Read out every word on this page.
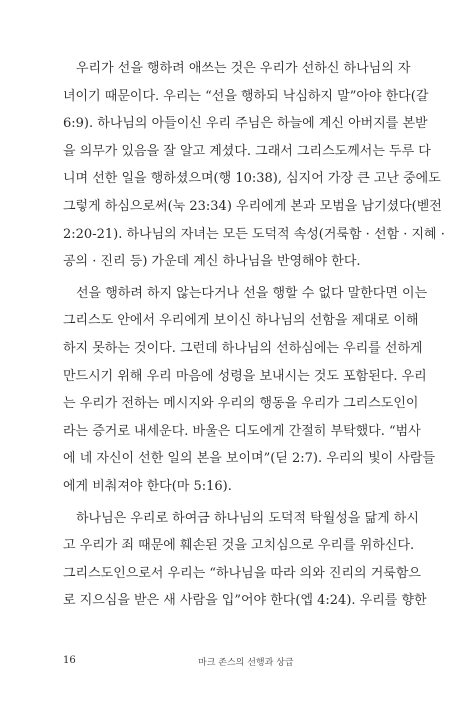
우리가 선을 행하려 애쓰는 것은 우리가 선하신 하나님의 자
녀이기 때문이다. 우리는 “선을 행하되 낙심하지 말”아야 한다(갈
6:9). 하나님의 아들이신 우리 주님은 하늘에 계신 아버지를 본받
을 의무가 있음을 잘 알고 계셨다. 그래서 그리스도께서는 두루 다
니며 선한 일을 행하셨으며(행 10:38), 심지어 가장 큰 고난 중에도
그렇게 하심으로써(눅 23:34) 우리에게 본과 모범을 남기셨다(벧전
2:20-21). 하나님의 자녀는 모든 도덕적 속성(거룩함 · 선함 · 지혜 ·
공의 · 진리 등) 가운데 계신 하나님을 반영해야 한다.

선을 행하려 하지 않는다거나 선을 행할 수 없다 말한다면 이는
그리스도 안에서 우리에게 보이신 하나님의 선함을 제대로 이해
하지 못하는 것이다. 그런데 하나님의 선하심에는 우리를 선하게
만드시기 위해 우리 마음에 성령을 보내시는 것도 포함된다. 우리
는 우리가 전하는 메시지와 우리의 행동을 우리가 그리스도인이
라는 증거로 내세운다. 바울은 디도에게 간절히 부탁했다. “범사
에 네 자신이 선한 일의 본을 보이며”(딛 2:7). 우리의 빛이 사람들
에게 비춰져야 한다(마 5:16).

하나님은 우리로 하여금 하나님의 도덕적 탁월성을 닮게 하시
고 우리가 죄 때문에 훼손된 것을 고치심으로 우리를 위하신다.
그리스도인으로서 우리는 “하나님을 따라 의와 진리의 거룩함으
로 지으심을 받은 새 사람을 입”어야 한다(엡 4:24). 우리를 향한

16	마크 존스의 선행과 상급
